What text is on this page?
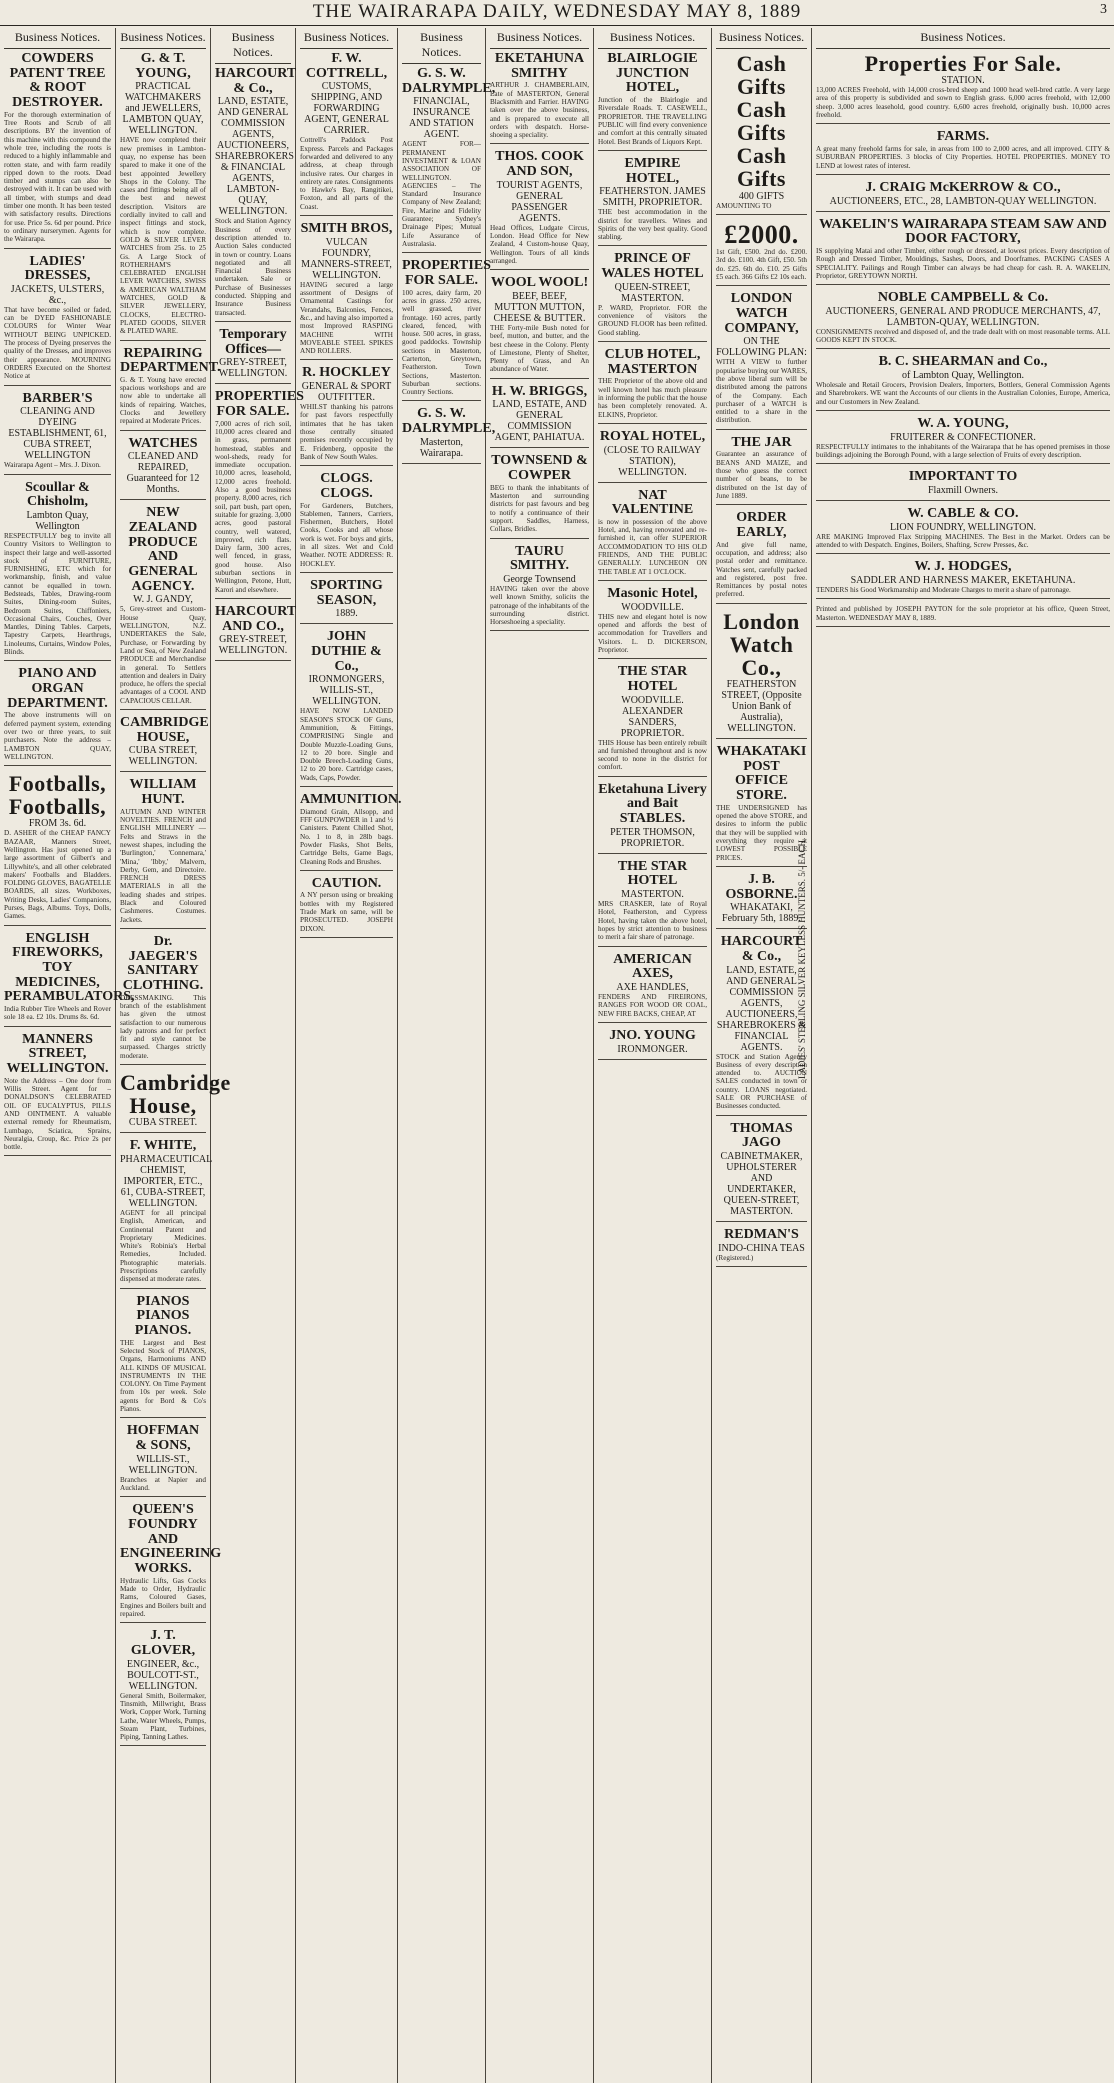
THE WAIRARAPA DAILY, WEDNESDAY MAY 8, 1889	3
Business Notices.
COWDERS PATENT TREE & ROOT DESTROYER.
For the thorough extermination of Tree Roots and Scrub of all descriptions. BY the invention of this machine with this compound the whole tree, including the roots is reduced to a highly inflammable and rotten state, and with farm readily ripped down to the roots. Dead timber and stumps can also be destroyed with it. It can be used with all timber, with stumps and dead timber one month. It has been tested with satisfactory results. Directions for use. Price 5s. 6d per pound. Price to ordinary nurserymen. Agents for the Wairarapa.
LADIES' DRESSES,
JACKETS, ULSTERS, &c.,
That have become soiled or faded, can be DYED FASHIONABLE COLOURS for Winter Wear WITHOUT BEING UNPICKED. The process of Dyeing preserves the quality of the Dresses, and improves their appearance. MOURNING ORDERS Executed on the Shortest Notice at
BARBER'S
CLEANING AND DYEING ESTABLISHMENT, 61, CUBA STREET, WELLINGTON
Wairarapa Agent – Mrs. J. Dixon.
Scoullar & Chisholm,
Lambton Quay, Wellington
RESPECTFULLY beg to invite all Country Visitors to Wellington to inspect their large and well-assorted stock of FURNITURE, FURNISHING, ETC which for workmanship, finish, and value cannot be equalled in town. Bedsteads, Tables, Drawing-room Suites, Dining-room Suites, Bedroom Suites, Chiffoniers, Occasional Chairs, Couches, Over Mantles, Dining Tables. Carpets, Tapestry Carpets, Hearthrugs, Linoleums, Curtains, Window Poles, Blinds.
PIANO AND ORGAN DEPARTMENT.
The above instruments will on deferred payment system, extending over two or three years, to suit purchasers. Note the address – LAMBTON QUAY, WELLINGTON.
Footballs, Footballs,
FROM 3s. 6d.
D. ASHER of the CHEAP FANCY BAZAAR, Manners Street, Wellington. Has just opened up a large assortment of Gilbert's and Lillywhite's, and all other celebrated makers' Footballs and Bladders. FOLDING GLOVES, BAGATELLE BOARDS, all sizes. Workboxes, Writing Desks, Ladies' Companions, Purses, Bags, Albums. Toys, Dolls, Games.
ENGLISH FIREWORKS, TOY MEDICINES, PERAMBULATORS,
India Rubber Tire Wheels and Rover sole 18 ea. £2 10s. Drums 8s. 6d.
MANNERS STREET, WELLINGTON.
Note the Address – One door from Willis Street. Agent for – DONALDSON'S CELEBRATED OIL OF EUCALYPTUS, PILLS AND OINTMENT. A valuable external remedy for Rheumatism, Lumbago, Sciatica, Sprains, Neuralgia, Croup, &c. Price 2s per bottle.
Business Notices.
G. & T. YOUNG,
PRACTICAL WATCHMAKERS and JEWELLERS, LAMBTON QUAY, WELLINGTON.
HAVE now completed their new premises in Lambton-quay, no expense has been spared to make it one of the best appointed Jewellery Shops in the Colony. The cases and fittings being all of the best and newest description. Visitors are cordially invited to call and inspect fittings and stock, which is now complete. GOLD & SILVER LEVER WATCHES from 25s. to 25 Gs. A Large Stock of ROTHERHAM'S CELEBRATED ENGLISH LEVER WATCHES, SWISS & AMERICAN WALTHAM WATCHES, GOLD & SILVER JEWELLERY, CLOCKS, ELECTRO-PLATED GOODS, SILVER & PLATED WARE.
REPAIRING DEPARTMENT.
G. & T. Young have erected spacious workshops and are now able to undertake all kinds of repairing. Watches, Clocks and Jewellery repaired at Moderate Prices.
WATCHES
CLEANED AND REPAIRED, Guaranteed for 12 Months.
NEW ZEALAND PRODUCE AND GENERAL AGENCY.
W. J. GANDY,
5, Grey-street and Custom-House Quay, WELLINGTON, N.Z. UNDERTAKES the Sale, Purchase, or Forwarding by Land or Sea, of New Zealand PRODUCE and Merchandise in general. To Settlers attention and dealers in Dairy produce, he offers the special advantages of a COOL AND CAPACIOUS CELLAR.
CAMBRIDGE HOUSE,
CUBA STREET, WELLINGTON.
WILLIAM HUNT.
AUTUMN AND WINTER NOVELTIES. FRENCH and ENGLISH MILLINERY — Felts and Straws in the newest shapes, including the 'Burlington,' 'Connemara,' 'Mina,' 'Ibby,' Malvern, Derby, Gem, and Directoire. FRENCH DRESS MATERIALS in all the leading shades and stripes. Black and Coloured Cashmeres. Costumes. Jackets.
Dr. JAEGER'S SANITARY CLOTHING.
DRESSMAKING. This branch of the establishment has given the utmost satisfaction to our numerous lady patrons and for perfect fit and style cannot be surpassed. Charges strictly moderate.
Cambridge House,
CUBA STREET.
F. WHITE,
PHARMACEUTICAL CHEMIST, IMPORTER, ETC., 61, CUBA-STREET, WELLINGTON.
AGENT for all principal English, American, and Continental Patent and Proprietary Medicines. White's Robinia's Herbal Remedies, Included. Photographic materials. Prescriptions carefully dispensed at moderate rates.
PIANOS PIANOS PIANOS.
THE Largest and Best Selected Stock of PIANOS, Organs, Harmoniums AND ALL KINDS OF MUSICAL INSTRUMENTS IN THE COLONY. On Time Payment from 10s per week. Sole agents for Bord & Co's Pianos.
HOFFMAN & SONS,
WILLIS-ST., WELLINGTON.
Branches at Napier and Auckland.
QUEEN'S FOUNDRY AND ENGINEERING WORKS.
Hydraulic Lifts, Gas Cocks Made to Order, Hydraulic Rams, Coloured Gases, Engines and Boilers built and repaired.
J. T. GLOVER,
ENGINEER, &c., BOULCOTT-ST., WELLINGTON.
General Smith, Boilermaker, Tinsmith, Millwright, Brass Work, Copper Work, Turning Lathe, Water Wheels, Pumps, Steam Plant, Turbines, Piping, Tanning Lathes.
Business Notices.
HARCOURT & Co.,
LAND, ESTATE, AND GENERAL COMMISSION AGENTS, AUCTIONEERS, SHAREBROKERS & FINANCIAL AGENTS, LAMBTON-QUAY, WELLINGTON.
Stock and Station Agency Business of every description attended to. Auction Sales conducted in town or country. Loans negotiated and all Financial Business undertaken. Sale or Purchase of Businesses conducted. Shipping and Insurance Business transacted.
Temporary Offices—
GREY-STREET, WELLINGTON.
PROPERTIES FOR SALE.
7,000 acres of rich soil, 10,000 acres cleared and in grass, permanent homestead, stables and wool-sheds, ready for immediate occupation. 10,000 acres, leasehold, 12,000 acres freehold. Also a good business property. 8,000 acres, rich soil, part bush, part open, suitable for grazing. 3,000 acres, good pastoral country, well watered, improved, rich flats. Dairy farm, 300 acres, well fenced, in grass, good house. Also suburban sections in Wellington, Petone, Hutt, Karori and elsewhere.
HARCOURT AND CO.,
GREY-STREET, WELLINGTON.
Business Notices.
F. W. COTTRELL,
CUSTOMS, SHIPPING, AND FORWARDING AGENT, GENERAL CARRIER.
Cottrell's Paddock Post Express. Parcels and Packages forwarded and delivered to any address, at cheap through inclusive rates. Our charges in entirety are rates. Consignments to Hawke's Bay, Rangitikei, Foxton, and all parts of the Coast.
SMITH BROS,
VULCAN FOUNDRY, MANNERS-STREET, WELLINGTON.
HAVING secured a large assortment of Designs of Ornamental Castings for Verandahs, Balconies, Fences, &c., and having also imported a most Improved RASPING MACHINE WITH MOVEABLE STEEL SPIKES AND ROLLERS.
R. HOCKLEY
GENERAL & SPORT OUTFITTER.
WHILST thanking his patrons for past favors respectfully intimates that he has taken those centrally situated premises recently occupied by E. Fridenberg, opposite the Bank of New South Wales.
CLOGS. CLOGS.
For Gardeners, Butchers, Stablemen, Tanners, Carriers, Fishermen, Butchers, Hotel Cooks, Cooks and all whose work is wet. For boys and girls, in all sizes. Wet and Cold Weather. NOTE ADDRESS: R. HOCKLEY.
SPORTING SEASON,
1889.
JOHN DUTHIE & Co.,
IRONMONGERS, WILLIS-ST., WELLINGTON.
HAVE NOW LANDED SEASON'S STOCK OF Guns, Ammunition, & Fittings, COMPRISING Single and Double Muzzle-Loading Guns, 12 to 20 bore. Single and Double Breech-Loading Guns, 12 to 20 bore. Cartridge cases, Wads, Caps, Powder.
AMMUNITION.
Diamond Grain, Allsopp, and FFF GUNPOWDER in 1 and ½ Canisters. Patent Chilled Shot, No. 1 to 8, in 28lb bags. Powder Flasks, Shot Belts, Cartridge Belts, Game Bags, Cleaning Rods and Brushes.
CAUTION.
A NY person using or breaking bottles with my Registered Trade Mark on same, will be PROSECUTED. JOSEPH DIXON.
Business Notices.
G. S. W. DALRYMPLE,
FINANCIAL, INSURANCE AND STATION AGENT.
AGENT FOR— PERMANENT INVESTMENT & LOAN ASSOCIATION OF WELLINGTON. AGENCIES – The Standard Insurance Company of New Zealand; Fire, Marine and Fidelity Guarantee; Sydney's Drainage Pipes; Mutual Life Assurance of Australasia.
PROPERTIES FOR SALE.
100 acres, dairy farm, 20 acres in grass. 250 acres, well grassed, river frontage. 160 acres, partly cleared, fenced, with house. 500 acres, in grass, good paddocks. Township sections in Masterton, Carterton, Greytown, Featherston. Town Sections, Masterton. Suburban sections. Country Sections.
G. S. W. DALRYMPLE,
Masterton, Wairarapa.
Business Notices.
EKETAHUNA SMITHY
ARTHUR J. CHAMBERLAIN, Late of MASTERTON, General Blacksmith and Farrier. HAVING taken over the above business, and is prepared to execute all orders with despatch. Horse-shoeing a speciality.
THOS. COOK AND SON,
TOURIST AGENTS, GENERAL PASSENGER AGENTS.
Head Offices, Ludgate Circus, London. Head Office for New Zealand, 4 Custom-house Quay, Wellington. Tours of all kinds arranged.
WOOL WOOL!
BEEF, BEEF, MUTTON MUTTON, CHEESE & BUTTER.
THE Forty-mile Bush noted for beef, mutton, and butter, and the best cheese in the Colony. Plenty of Limestone, Plenty of Shelter, Plenty of Grass, and An abundance of Water.
H. W. BRIGGS,
LAND, ESTATE, AND GENERAL COMMISSION AGENT, PAHIATUA.
TOWNSEND & COWPER
BEG to thank the inhabitants of Masterton and surrounding districts for past favours and beg to notify a continuance of their support. Saddles, Harness, Collars, Bridles.
TAURU SMITHY.
George Townsend
HAVING taken over the above well known Smithy, solicits the patronage of the inhabitants of the surrounding district. Horseshoeing a speciality.
Business Notices.
BLAIRLOGIE JUNCTION HOTEL,
Junction of the Blairlogie and Riversdale Roads. T. CASEWELL, PROPRIETOR. THE TRAVELLING PUBLIC will find every convenience and comfort at this centrally situated Hotel. Best Brands of Liquors Kept.
EMPIRE HOTEL,
FEATHERSTON. JAMES SMITH, PROPRIETOR.
THE best accommodation in the district for travellers. Wines and Spirits of the very best quality. Good stabling.
PRINCE OF WALES HOTEL
QUEEN-STREET, MASTERTON.
P. WARD, Proprietor. FOR the convenience of visitors the GROUND FLOOR has been refitted. Good stabling.
CLUB HOTEL, MASTERTON
THE Proprietor of the above old and well known hotel has much pleasure in informing the public that the house has been completely renovated. A. ELKINS, Proprietor.
ROYAL HOTEL,
(CLOSE TO RAILWAY STATION), WELLINGTON.
NAT VALENTINE
is now in possession of the above Hotel, and, having renovated and re-furnished it, can offer SUPERIOR ACCOMMODATION TO HIS OLD FRIENDS, AND THE PUBLIC GENERALLY. LUNCHEON ON THE TABLE AT 1 O'CLOCK.
Masonic Hotel,
WOODVILLE.
THIS new and elegant hotel is now opened and affords the best of accommodation for Travellers and Visitors. L. D. DICKERSON, Proprietor.
THE STAR HOTEL
WOODVILLE. ALEXANDER SANDERS, PROPRIETOR.
THIS House has been entirely rebuilt and furnished throughout and is now second to none in the district for comfort.
Eketahuna Livery and Bait STABLES.
PETER THOMSON, PROPRIETOR.
THE STAR HOTEL
MASTERTON.
MRS CRASKER, late of Royal Hotel, Featherston, and Cypress Hotel, having taken the above hotel, hopes by strict attention to business to merit a fair share of patronage.
AMERICAN AXES,
AXE HANDLES,
FENDERS AND FIREIRONS, RANGES FOR WOOD OR COAL, NEW FIRE BACKS, CHEAP, AT
JNO. YOUNG
IRONMONGER.
Business Notices.
Cash Gifts Cash Gifts Cash Gifts
400 GIFTS
AMOUNTING TO
£2000.
1st Gift, £500. 2nd do. £200. 3rd do. £100. 4th Gift, £50. 5th do. £25. 6th do. £10. 25 Gifts £5 each. 366 Gifts £2 10s each.
LONDON WATCH COMPANY,
ON THE FOLLOWING PLAN:
WITH A VIEW to further popularise buying our WARES, the above liberal sum will be distributed among the patrons of the Company. Each purchaser of a WATCH is entitled to a share in the distribution.
THE JAR
Guarantee an assurance of BEANS AND MAIZE, and those who guess the correct number of beans, to be distributed on the 1st day of June 1889.
ORDER EARLY,
And give full name, occupation, and address; also postal order and remittance. Watches sent, carefully packed and registered, post free. Remittances by postal notes preferred.
London Watch Co.,
FEATHERSTON STREET, (Opposite Union Bank of Australia), WELLINGTON.
WHAKATAKI POST OFFICE STORE.
THE UNDERSIGNED has opened the above STORE, and desires to inform the public that they will be supplied with everything they require at LOWEST POSSIBLE PRICES.
J. B. OSBORNE.
WHAKATAKI, February 5th, 1889.
HARCOURT & Co.,
LAND, ESTATE, AND GENERAL COMMISSION AGENTS, AUCTIONEERS, SHAREBROKERS & FINANCIAL AGENTS.
STOCK and Station Agency Business of every description attended to. AUCTION SALES conducted in town or country. LOANS negotiated. SALE OR PURCHASE of Businesses conducted.
THOMAS JAGO
CABINETMAKER, UPHOLSTERER AND UNDERTAKER, QUEEN-STREET, MASTERTON.
REDMAN'S
INDO-CHINA TEAS
(Registered.)
LADIES' STERLING SILVER KEYLESS HUNTERS. 5/- EACH.
Business Notices.
Properties For Sale.
STATION.
13,000 ACRES Freehold, with 14,000 cross-bred sheep and 1000 head well-bred cattle. A very large area of this property is subdivided and sown to English grass. 6,000 acres freehold, with 12,000 sheep. 3,000 acres leasehold, good country. 6,600 acres freehold, originally bush. 10,000 acres freehold.
FARMS.
A great many freehold farms for sale, in areas from 100 to 2,000 acres, and all improved. CITY & SUBURBAN PROPERTIES. 3 blocks of City Properties. HOTEL PROPERTIES. MONEY TO LEND at lowest rates of interest.
J. CRAIG McKERROW & CO.,
AUCTIONEERS, ETC., 28, LAMBTON-QUAY WELLINGTON.
WAKELIN'S WAIRARAPA STEAM SAW AND DOOR FACTORY,
IS supplying Matai and other Timber, either rough or dressed, at lowest prices. Every description of Rough and Dressed Timber, Mouldings, Sashes, Doors, and Doorframes. PACKING CASES A SPECIALITY. Pailings and Rough Timber can always be had cheap for cash. R. A. WAKELIN, Proprietor, GREYTOWN NORTH.
NOBLE CAMPBELL & Co.
AUCTIONEERS, GENERAL AND PRODUCE MERCHANTS, 47, LAMBTON-QUAY, WELLINGTON.
CONSIGNMENTS received and disposed of, and the trade dealt with on most reasonable terms. ALL GOODS KEPT IN STOCK.
B. C. SHEARMAN and Co.,
of Lambton Quay, Wellington.
Wholesale and Retail Grocers, Provision Dealers, Importers, Bottlers, General Commission Agents and Sharebrokers. WE want the Accounts of our clients in the Australian Colonies, Europe, America, and our Customers in New Zealand.
W. A. YOUNG,
FRUITERER & CONFECTIONER.
RESPECTFULLY intimates to the inhabitants of the Wairarapa that he has opened premises in those buildings adjoining the Borough Pound, with a large selection of Fruits of every description.
IMPORTANT TO
Flaxmill Owners.
W. CABLE & CO.
LION FOUNDRY, WELLINGTON.
ARE MAKING Improved Flax Stripping MACHINES. The Best in the Market. Orders can be attended to with Despatch. Engines, Boilers, Shafting, Screw Presses, &c.
W. J. HODGES,
SADDLER AND HARNESS MAKER, EKETAHUNA.
TENDERS his Good Workmanship and Moderate Charges to merit a share of patronage.
Printed and published by JOSEPH PAYTON for the sole proprietor at his office, Queen Street, Masterton. WEDNESDAY MAY 8, 1889.
